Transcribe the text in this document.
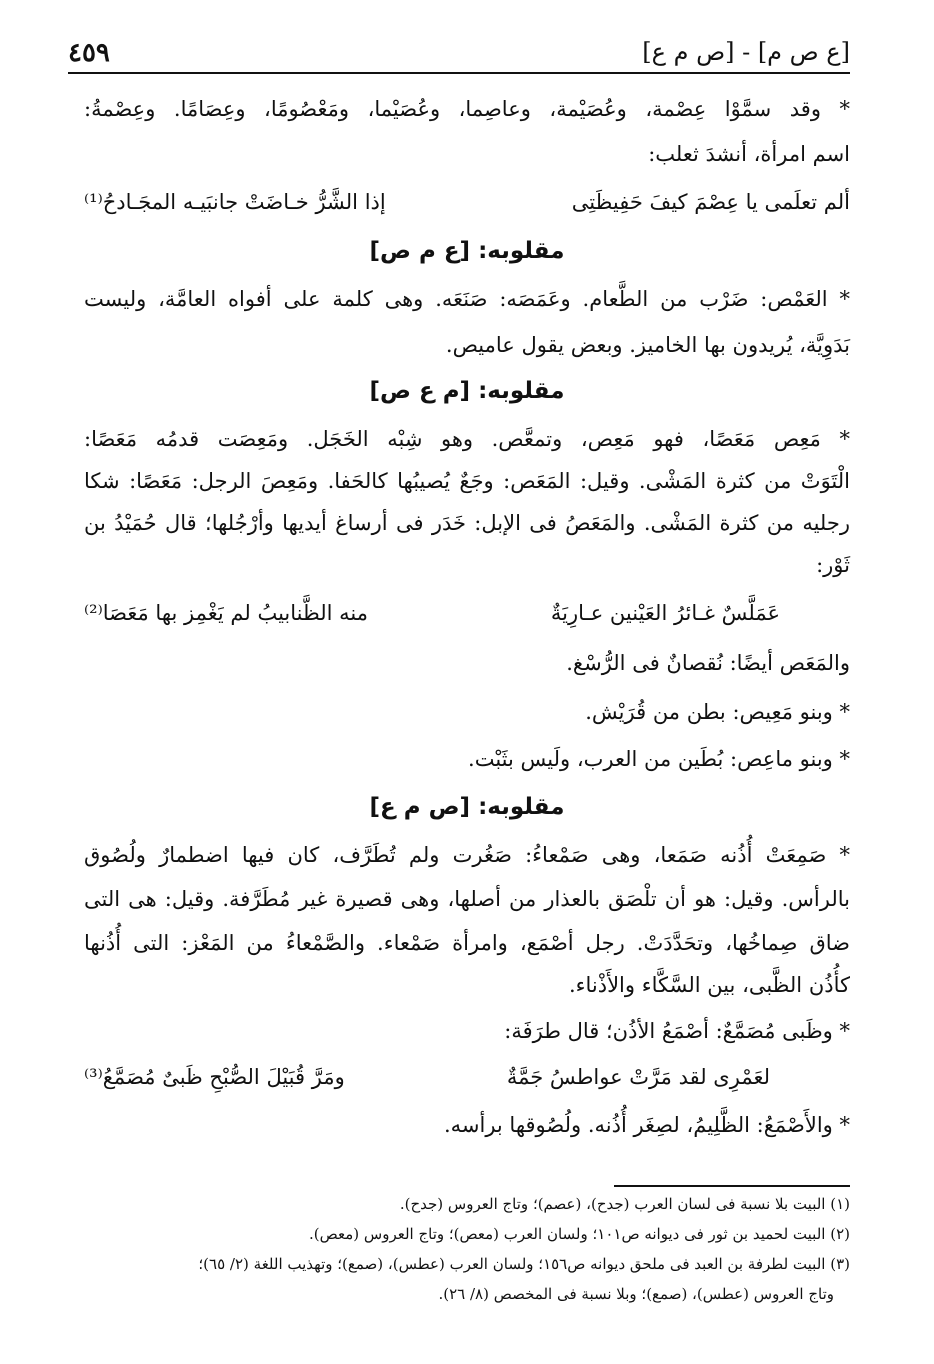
٤٥٩	[ع ص م] - [ص م ع]
* وقد سمَّوْا عِصْمة، وعُصَيْمة، وعاصِما، وعُصَيْما، ومَعْصُومًا، وعِصَامًا. وعِصْمةُ:
اسم امرأة، أنشدَ ثعلب:
ألم تعلَمى يا عِصْمَ كيفَ حَفِيظَتِى
إذا الشَّرُّ خـاضَتْ جانبَيـه المجَـادحُ⁽¹⁾
مقلوبه: [ع م ص]
* العَمْص: ضَرْب من الطَّعام. وعَمَصَه: صَنَعَه. وهى كلمة على أفواه العامَّة، وليست
بَدَوِيَّة، يُريدون بها الخاميز. وبعض يقول عاميص.
مقلوبه: [م ع ص]
* مَعِص مَعَصًا، فهو مَعِص، وتمعَّص. وهو شِبْه الخَجَل. ومَعِصَت قدمُه مَعَصًا:
الْتَوَتْ من كثرة المَشْى. وقيل: المَعَص: وجَعٌ يُصيبُها كالحَفا. ومَعِصَ الرجل: مَعَصًا: شكا
رجليه من كثرة المَشْى. والمَعَصُ فى الإبل: خَدَر فى أرساغ أيديها وأرْجُلها؛ قال حُمَيْدُ بن
ثَوْر:
عَمَلَّسٌ غـائرُ العَيْنين عـارِيَةٌ
منه الظَّنابيبُ لم يَغْمِز بها مَعَصَا⁽²⁾
والمَعَص أيضًا: نُقصانٌ فى الرُّسْغ.
* وبنو مَعِيص: بطن من قُرَيْش.
* وبنو ماعِص: بُطَين من العرب، ولَيس بثَبْت.
مقلوبه: [ص م ع]
* صَمِعَتْ أُذُنه صَمَعا، وهى صَمْعاءُ: صَغُرت ولم تُطَرَّف، كان فيها اضطمارٌ ولُصُوق
بالرأس. وقيل: هو أن تلْصَق بالعذار من أصلها، وهى قصيرة غير مُطَرَّفة. وقيل: هى التى
ضاق صِماخُها، وتحَدَّدَتْ. رجل أصْمَع، وامرأة صَمْعاء. والصَّمْعاءُ من المَعْز: التى أُذُنها
كأُذُن الظَّبى، بين السَّكَّاء والأَذْناء.
* وظَبى مُصَمَّعٌ: أصْمَعُ الأذُن؛ قال طرَفَة:
لعَمْرِى لقد مَرَّتْ عواطسُ جَمَّةٌ
ومَرَّ قُبَيْلَ الصُّبْحِ ظَبىٌ مُصَمَّعُ⁽³⁾
* والأَصْمَعُ: الظَّلِيمُ، لصِغَر أُذُنه. ولُصُوقها برأسه.
(١) البيت بلا نسبة فى لسان العرب (جدح)، (عصم)؛ وتاج العروس (جدح).
(٢) البيت لحميد بن ثور فى ديوانه ص١٠١؛ ولسان العرب (معص)؛ وتاج العروس (معص).
(٣) البيت لطرفة بن العبد فى ملحق ديوانه ص١٥٦؛ ولسان العرب (عطس)، (صمع)؛ وتهذيب اللغة (٢/ ٦٥)؛
وتاج العروس (عطس)، (صمع)؛ وبلا نسبة فى المخصص (٨/ ٢٦).
